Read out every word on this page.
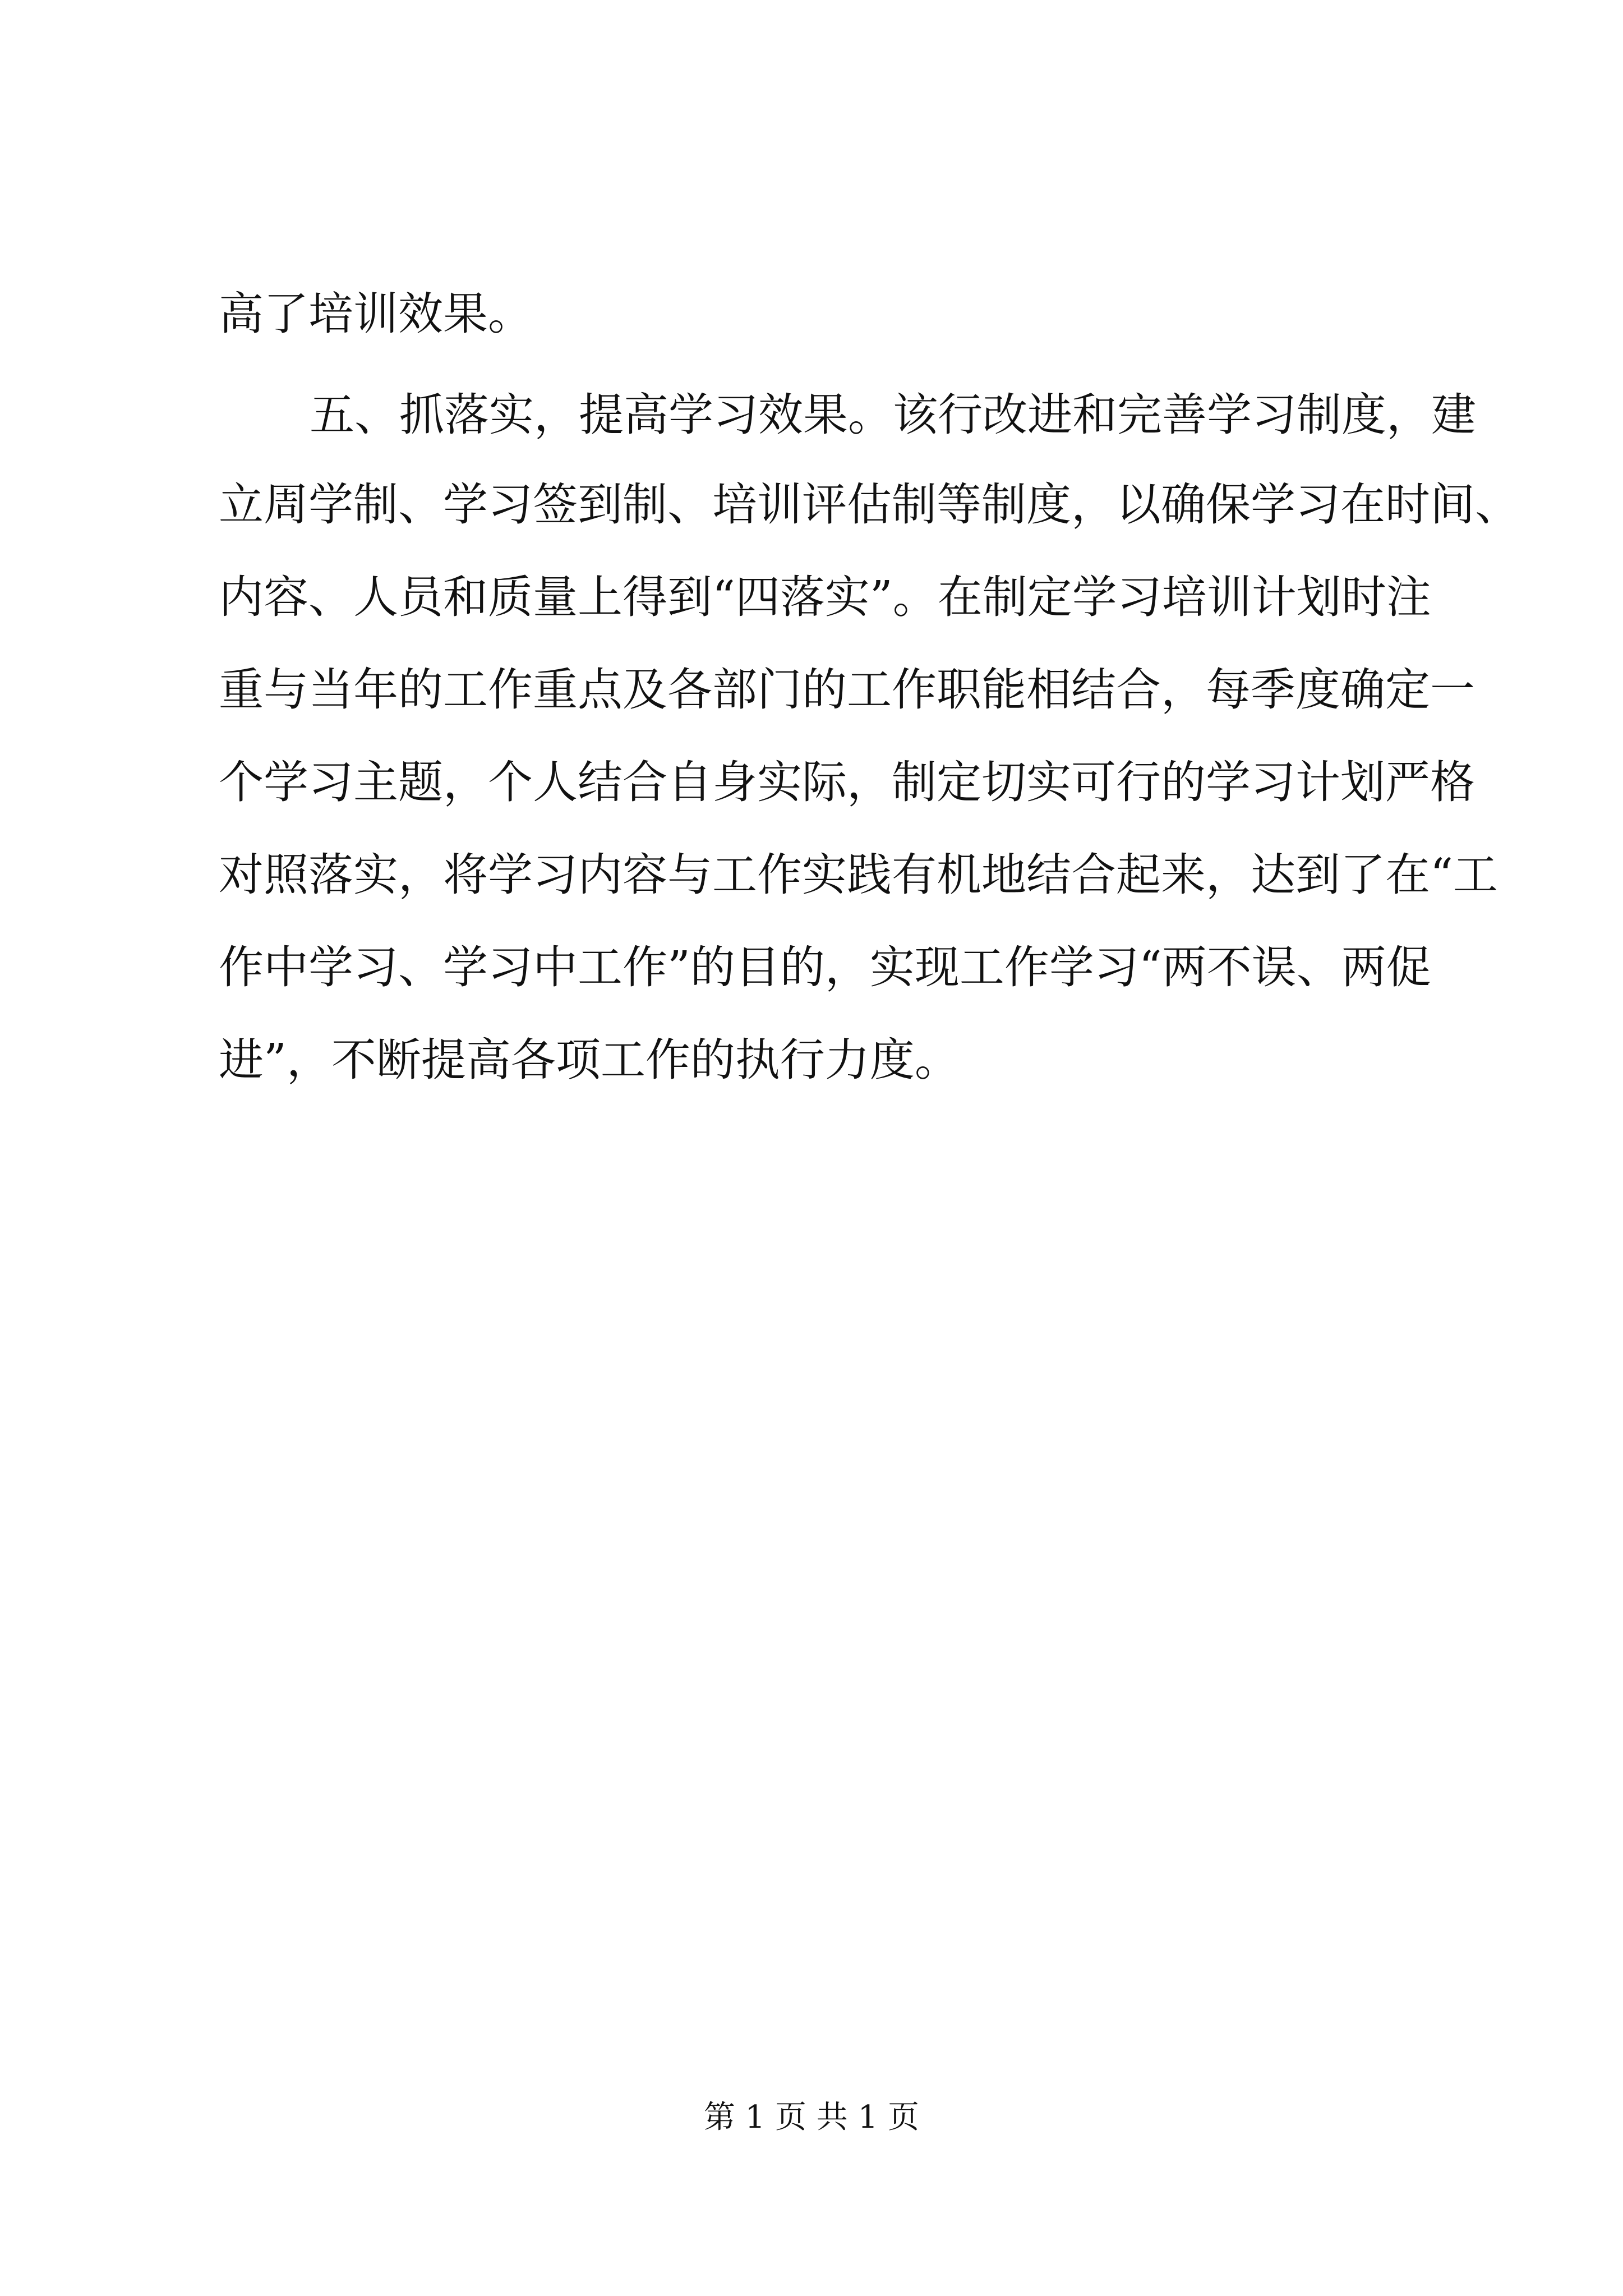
高了培训效果。
五、抓落实，提高学习效果。该行改进和完善学习制度，建
立周学制、学习签到制、培训评估制等制度，以确保学习在时间、
内容、人员和质量上得到“四落实”。在制定学习培训计划时注
重与当年的工作重点及各部门的工作职能相结合，每季度确定一
个学习主题，个人结合自身实际，制定切实可行的学习计划严格
对照落实，将学习内容与工作实践有机地结合起来，达到了在“工
作中学习、学习中工作”的目的，实现工作学习“两不误、两促
进”，不断提高各项工作的执行力度。
第 1 页 共 1 页
